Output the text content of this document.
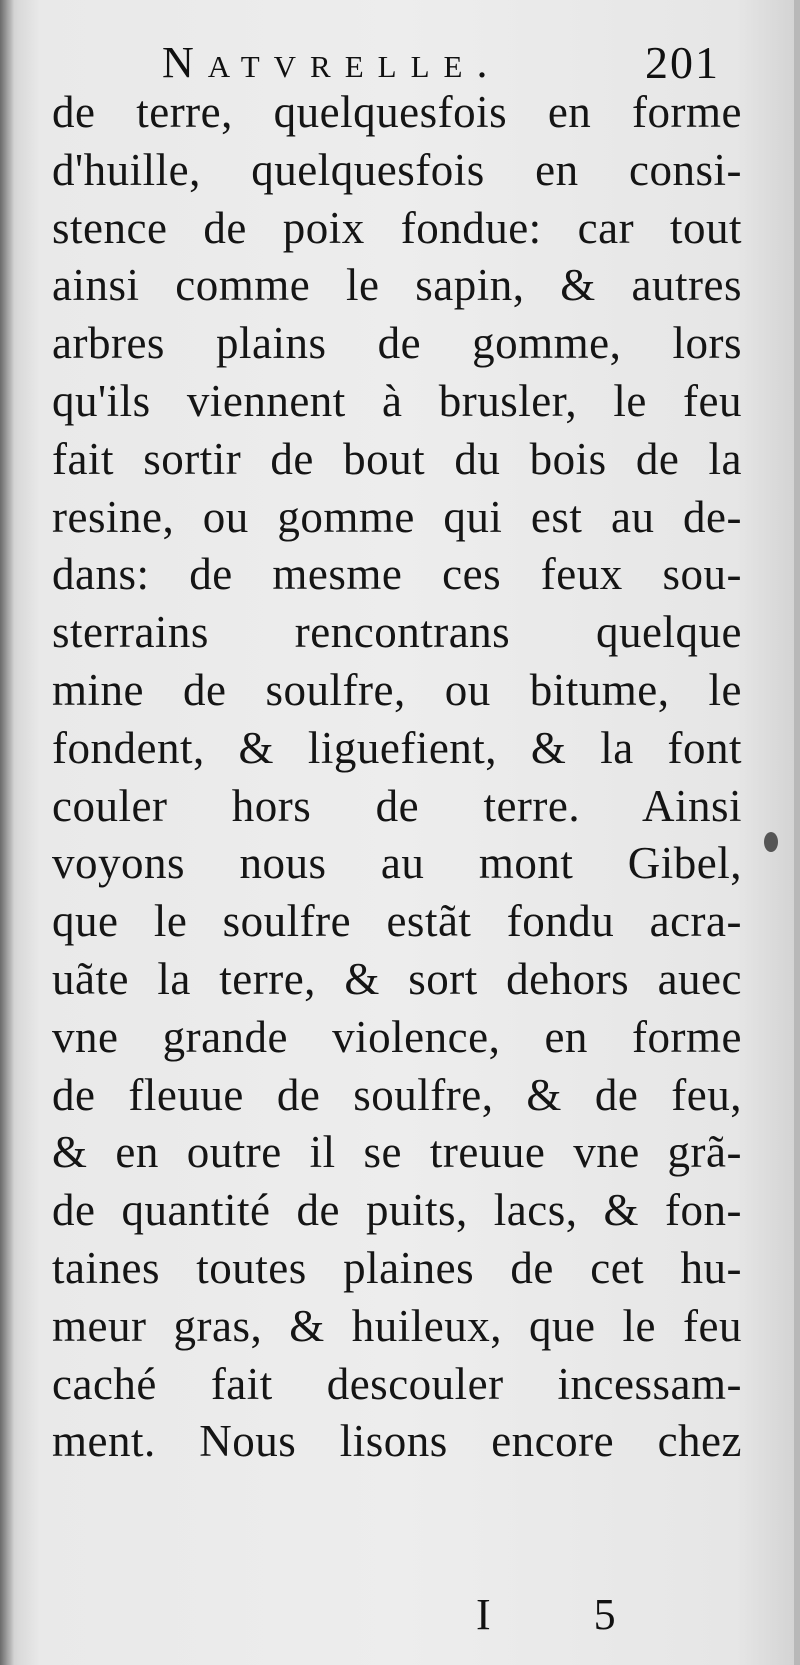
Natvrelle.	201
de terre, quelquesfois en forme
d'huille, quelquesfois en consi-
stence de poix fondue: car tout
ainsi comme le sapin, & autres
arbres plains de gomme, lors
qu'ils viennent à brusler, le feu
fait sortir de bout du bois de la
resine, ou gomme qui est au de-
dans: de mesme ces feux sou-
sterrains rencontrans quelque
mine de soulfre, ou bitume, le
fondent, & liguefient, & la font
couler hors de terre. Ainsi
voyons nous au mont Gibel,
que le soulfre estãt fondu acra-
uãte la terre, & sort dehors auec
vne grande violence, en forme
de fleuue de soulfre, & de feu,
& en outre il se treuue vne grã-
de quantité de puits, lacs, & fon-
taines toutes plaines de cet hu-
meur gras, & huileux, que le feu
caché fait descouler incessam-
ment. Nous lisons encore chez
I 5
